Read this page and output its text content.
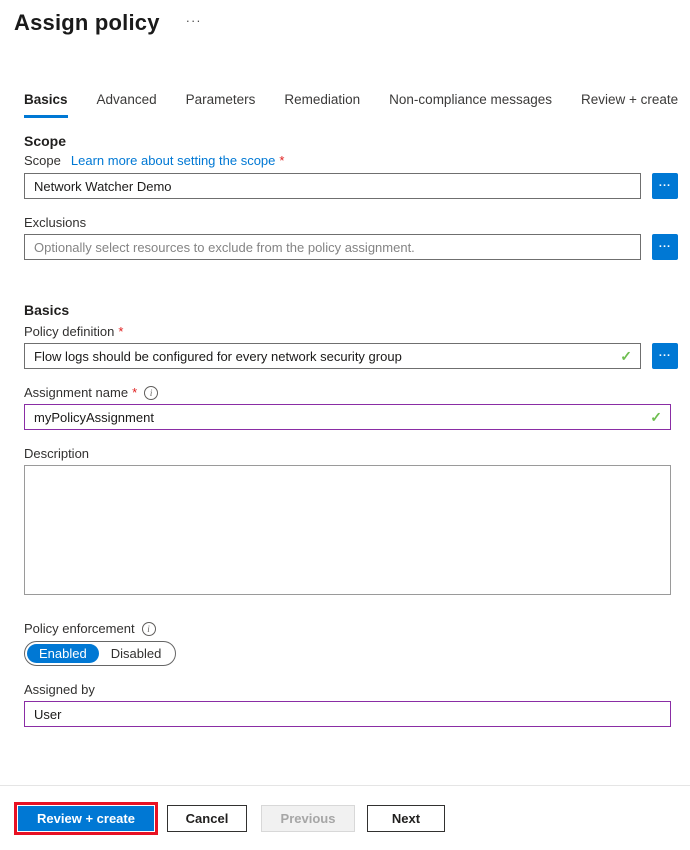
Assign policy ···
Basics Advanced Parameters Remediation Non-compliance messages Review + create
Scope
Scope Learn more about setting the scope *
Network Watcher Demo
...
Exclusions
Optionally select resources to exclude from the policy assignment.
...
Basics
Policy definition *
Flow logs should be configured for every network security group
✓	...
Assignment name *	i
myPolicyAssignment
✓
Description
Policy enforcement	i
Enabled	Disabled
Assigned by
User
Review + create	Cancel	Previous	Next
